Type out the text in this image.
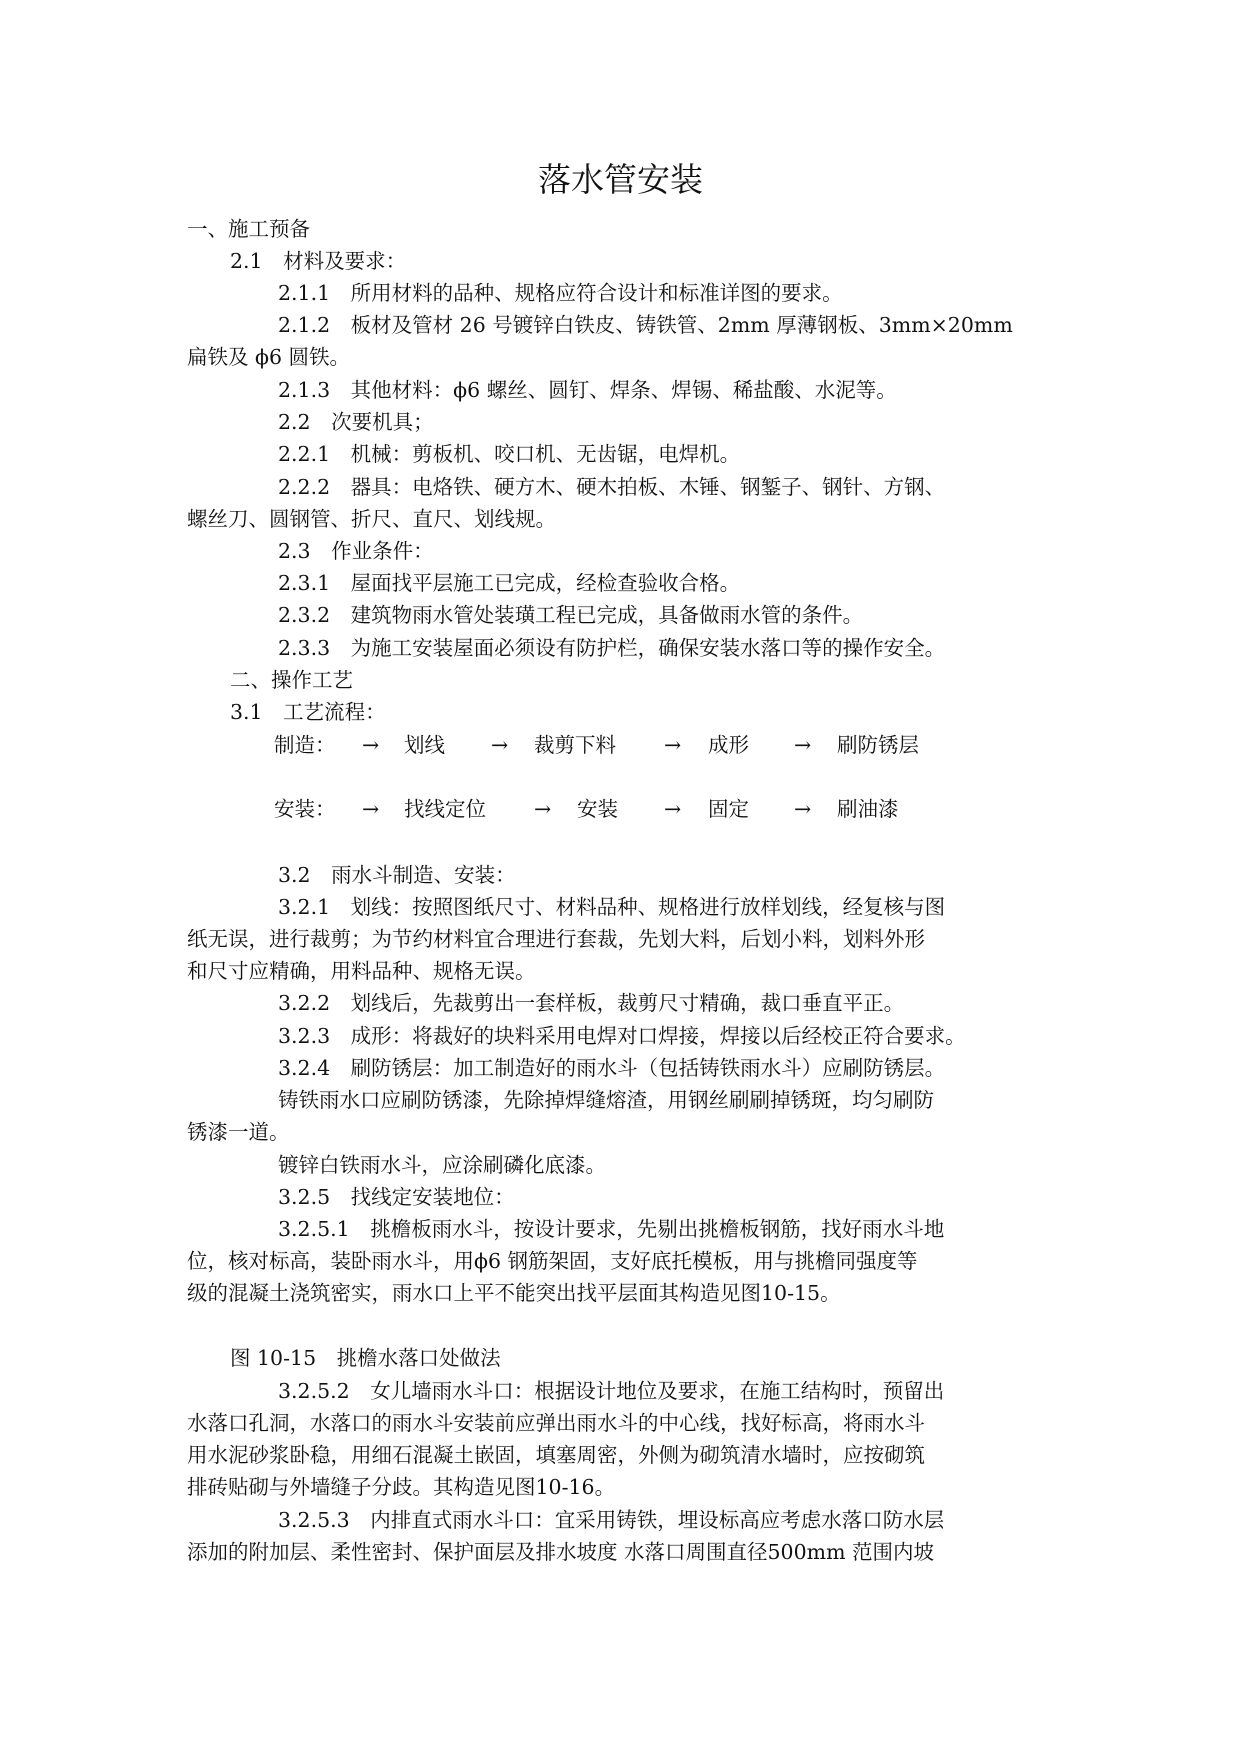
落水管安装
一、施工预备
2.1　材料及要求：
2.1.1　所用材料的品种、规格应符合设计和标准详图的要求。
2.1.2　板材及管材 26 号镀锌白铁皮、铸铁管、2mm 厚薄钢板、3mm×20mm
扁铁及 ϕ6 圆铁。
2.1.3　其他材料：ϕ6 螺丝、圆钉、焊条、焊锡、稀盐酸、水泥等。
2.2　次要机具；
2.2.1　机械：剪板机、咬口机、无齿锯，电焊机。
2.2.2　器具：电烙铁、硬方木、硬木拍板、木锤、钢錾子、钢针、方钢、
螺丝刀、圆钢管、折尺、直尺、划线规。
2.3　作业条件：
2.3.1　屋面找平层施工已完成，经检查验收合格。
2.3.2　建筑物雨水管处装璜工程已完成，具备做雨水管的条件。
2.3.3　为施工安装屋面必须设有防护栏，确保安装水落口等的操作安全。
二、操作工艺
3.1　工艺流程：
制造： → 划线 → 裁剪下料 → 成形 → 刷防锈层
安装： → 找线定位 → 安装 → 固定 → 刷油漆
3.2　雨水斗制造、安装：
3.2.1　划线：按照图纸尺寸、材料品种、规格进行放样划线，经复核与图
纸无误，进行裁剪；为节约材料宜合理进行套裁，先划大料，后划小料，划料外形
和尺寸应精确，用料品种、规格无误。
3.2.2　划线后，先裁剪出一套样板，裁剪尺寸精确，裁口垂直平正。
3.2.3　成形：将裁好的块料采用电焊对口焊接，焊接以后经校正符合要求。
3.2.4　刷防锈层：加工制造好的雨水斗（包括铸铁雨水斗）应刷防锈层。
铸铁雨水口应刷防锈漆，先除掉焊缝熔渣，用钢丝刷刷掉锈斑，均匀刷防
锈漆一道。
镀锌白铁雨水斗，应涂刷磷化底漆。
3.2.5　找线定安装地位：
3.2.5.1　挑檐板雨水斗，按设计要求，先剔出挑檐板钢筋，找好雨水斗地
位，核对标高，装卧雨水斗，用ϕ6 钢筋架固，支好底托模板，用与挑檐同强度等
级的混凝土浇筑密实，雨水口上平不能突出找平层面其构造见图10-15。
图 10-15　挑檐水落口处做法
3.2.5.2　女儿墙雨水斗口：根据设计地位及要求，在施工结构时，预留出
水落口孔洞，水落口的雨水斗安装前应弹出雨水斗的中心线，找好标高，将雨水斗
用水泥砂浆卧稳，用细石混凝土嵌固，填塞周密，外侧为砌筑清水墙时，应按砌筑
排砖贴砌与外墙缝子分歧。其构造见图10-16。
3.2.5.3　内排直式雨水斗口：宜采用铸铁，埋设标高应考虑水落口防水层
添加的附加层、柔性密封、保护面层及排水坡度 水落口周围直径500mm 范围内坡
